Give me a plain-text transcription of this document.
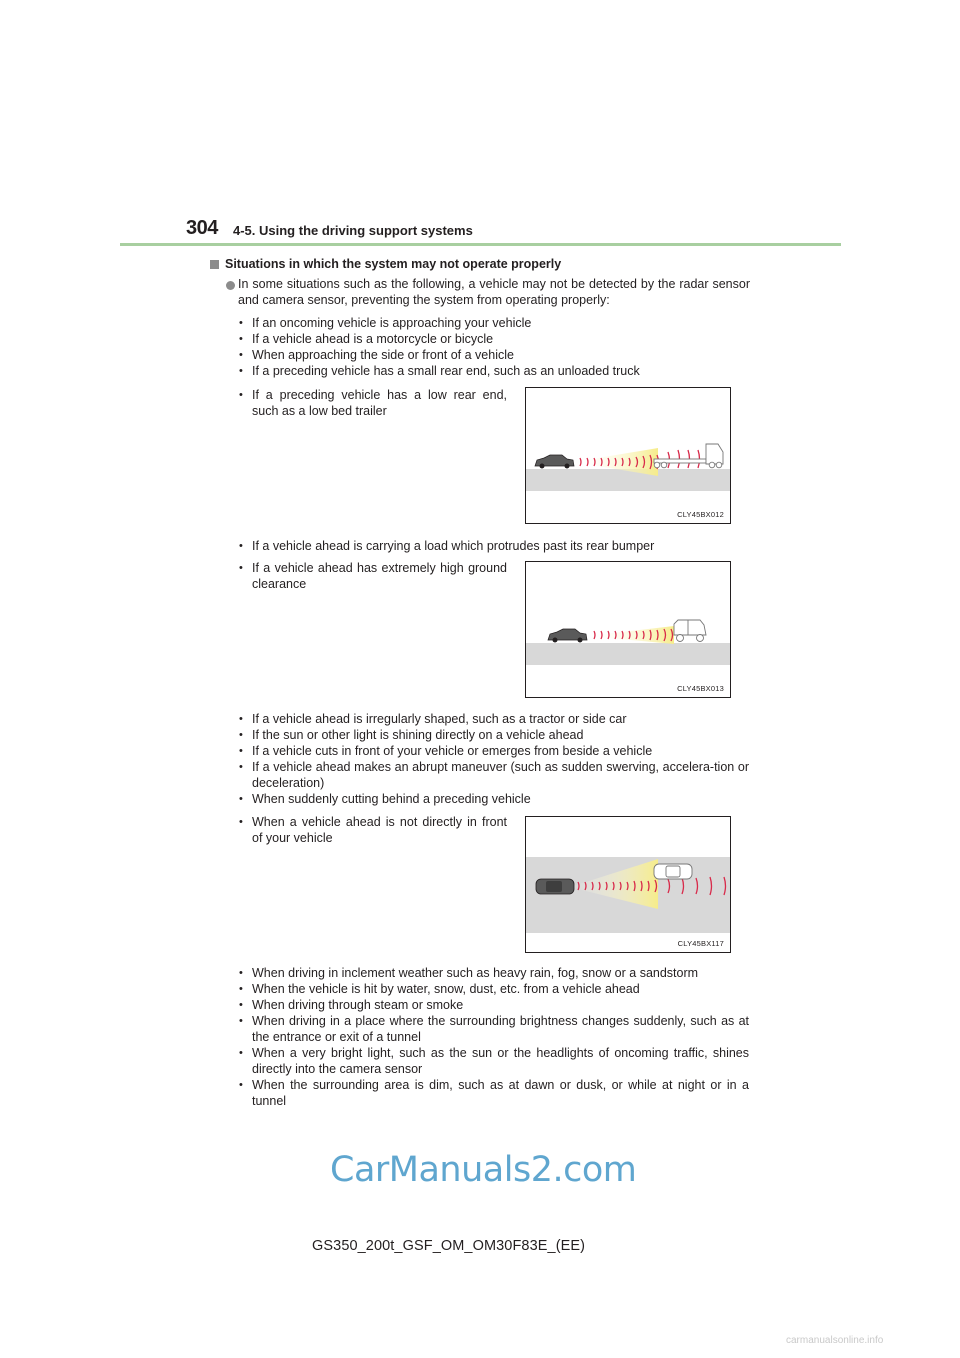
304 4-5. Using the driving support systems
Situations in which the system may not operate properly
In some situations such as the following, a vehicle may not be detected by the radar sensor and camera sensor, preventing the system from operating properly:
• If an oncoming vehicle is approaching your vehicle
• If a vehicle ahead is a motorcycle or bicycle
• When approaching the side or front of a vehicle
• If a preceding vehicle has a small rear end, such as an unloaded truck
• If a preceding vehicle has a low rear end, such as a low bed trailer
CLY45BX012
• If a vehicle ahead is carrying a load which protrudes past its rear bumper
• If a vehicle ahead has extremely high ground clearance
CLY45BX013
• If a vehicle ahead is irregularly shaped, such as a tractor or side car
• If the sun or other light is shining directly on a vehicle ahead
• If a vehicle cuts in front of your vehicle or emerges from beside a vehicle
• If a vehicle ahead makes an abrupt maneuver (such as sudden swerving, accelera-tion or deceleration)
• When suddenly cutting behind a preceding vehicle
• When a vehicle ahead is not directly in front of your vehicle
CLY45BX117
• When driving in inclement weather such as heavy rain, fog, snow or a sandstorm
• When the vehicle is hit by water, snow, dust, etc. from a vehicle ahead
• When driving through steam or smoke
• When driving in a place where the surrounding brightness changes suddenly, such as at the entrance or exit of a tunnel
• When a very bright light, such as the sun or the headlights of oncoming traffic, shines directly into the camera sensor
• When the surrounding area is dim, such as at dawn or dusk, or while at night or in a tunnel
CarManuals2.com
GS350_200t_GSF_OM_OM30F83E_(EE)
carmanualsonline.info
